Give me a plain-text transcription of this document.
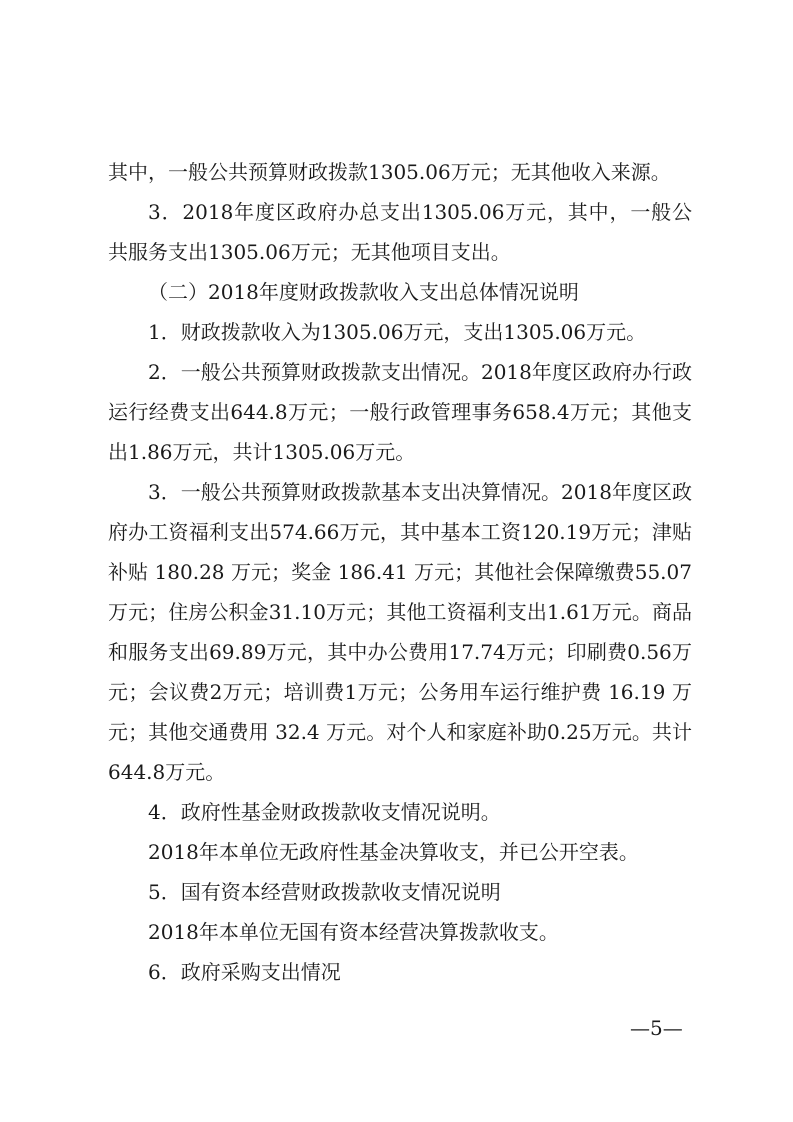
其中，一般公共预算财政拨款1305.06万元；无其他收入来源。

3．2018年度区政府办总支出1305.06万元，其中，一般公共服务支出1305.06万元；无其他项目支出。

（二）2018年度财政拨款收入支出总体情况说明

1．财政拨款收入为1305.06万元，支出1305.06万元。

2．一般公共预算财政拨款支出情况。2018年度区政府办行政运行经费支出644.8万元；一般行政管理事务658.4万元；其他支出1.86万元，共计1305.06万元。

3．一般公共预算财政拨款基本支出决算情况。2018年度区政府办工资福利支出574.66万元，其中基本工资120.19万元；津贴补贴 180.28 万元；奖金 186.41 万元；其他社会保障缴费55.07万元；住房公积金31.10万元；其他工资福利支出1.61万元。商品和服务支出69.89万元，其中办公费用17.74万元；印刷费0.56万元；会议费2万元；培训费1万元；公务用车运行维护费 16.19 万元；其他交通费用 32.4 万元。对个人和家庭补助0.25万元。共计644.8万元。

4．政府性基金财政拨款收支情况说明。

2018年本单位无政府性基金决算收支，并已公开空表。

5．国有资本经营财政拨款收支情况说明

2018年本单位无国有资本经营决算拨款收支。

6．政府采购支出情况

—5—
